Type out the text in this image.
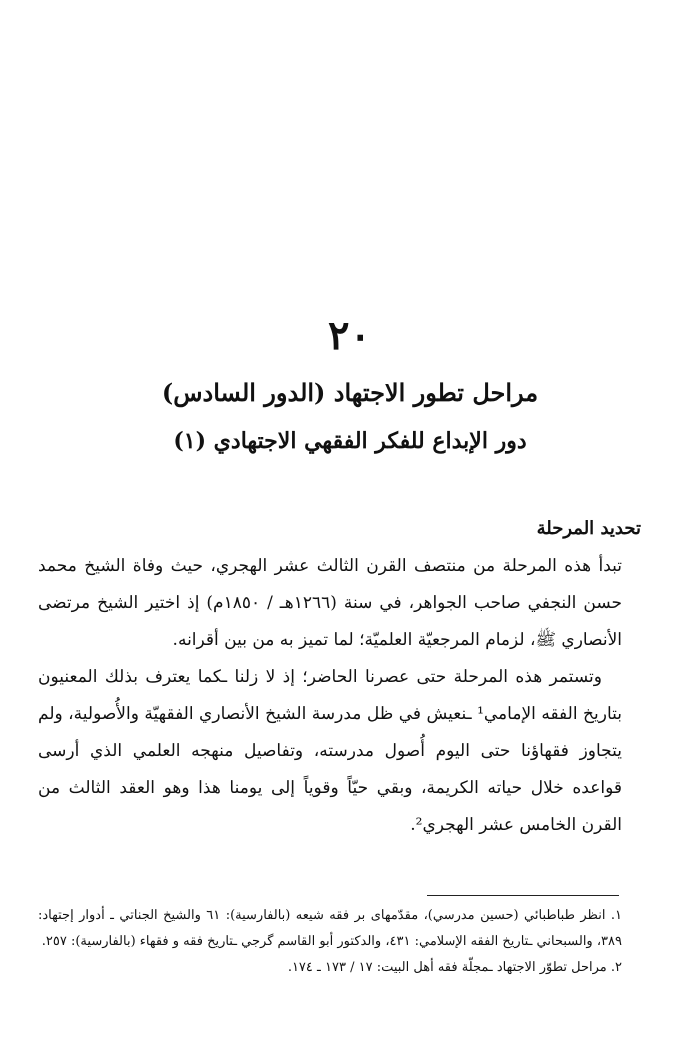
٢٠
مراحل تطور الاجتهاد (الدور السادس)
دور الإبداع للفكر الفقهي الاجتهادي (١)
تحديد المرحلة

تبدأ هذه المرحلة من منتصف القرن الثالث عشر الهجري، حيث وفاة الشيخ محمد حسن النجفي صاحب الجواهر، في سنة (١٢٦٦هـ / ١٨٥٠م) إذ اختير الشيخ مرتضى الأنصاري ﷺ، لزمام المرجعيّة العلميّة؛ لما تميز به من بين أقرانه.

وتستمر هذه المرحلة حتى عصرنا الحاضر؛ إذ لا زلنا ـكما يعترف بذلك المعنيون بتاريخ الفقه الإمامي¹ ـنعيش في ظل مدرسة الشيخ الأنصاري الفقهيّة والأُصولية، ولم يتجاوز فقهاؤنا حتى اليوم أُصول مدرسته، وتفاصيل منهجه العلمي الذي أرسى قواعده خلال حياته الكريمة، وبقي حيّاً وقوياً إلى يومنا هذا وهو العقد الثالث من القرن الخامس عشر الهجري².

١. انظر طباطبائي (حسين مدرسي)، مقدّمهاى بر فقه شيعه (بالفارسية): ٦١ والشيخ الجناتي ـ أدوار إجتهاد: ٣٨٩، والسبحاني ـتاريخ الفقه الإسلامي: ٤٣١، والدكتور أبو القاسم گرجي ـتاريخ فقه و فقهاء (بالفارسية): ٢٥٧.

٢. مراحل تطوّر الاجتهاد ـمجلّة فقه أهل البيت: ١٧ / ١٧٣ ـ ١٧٤.
